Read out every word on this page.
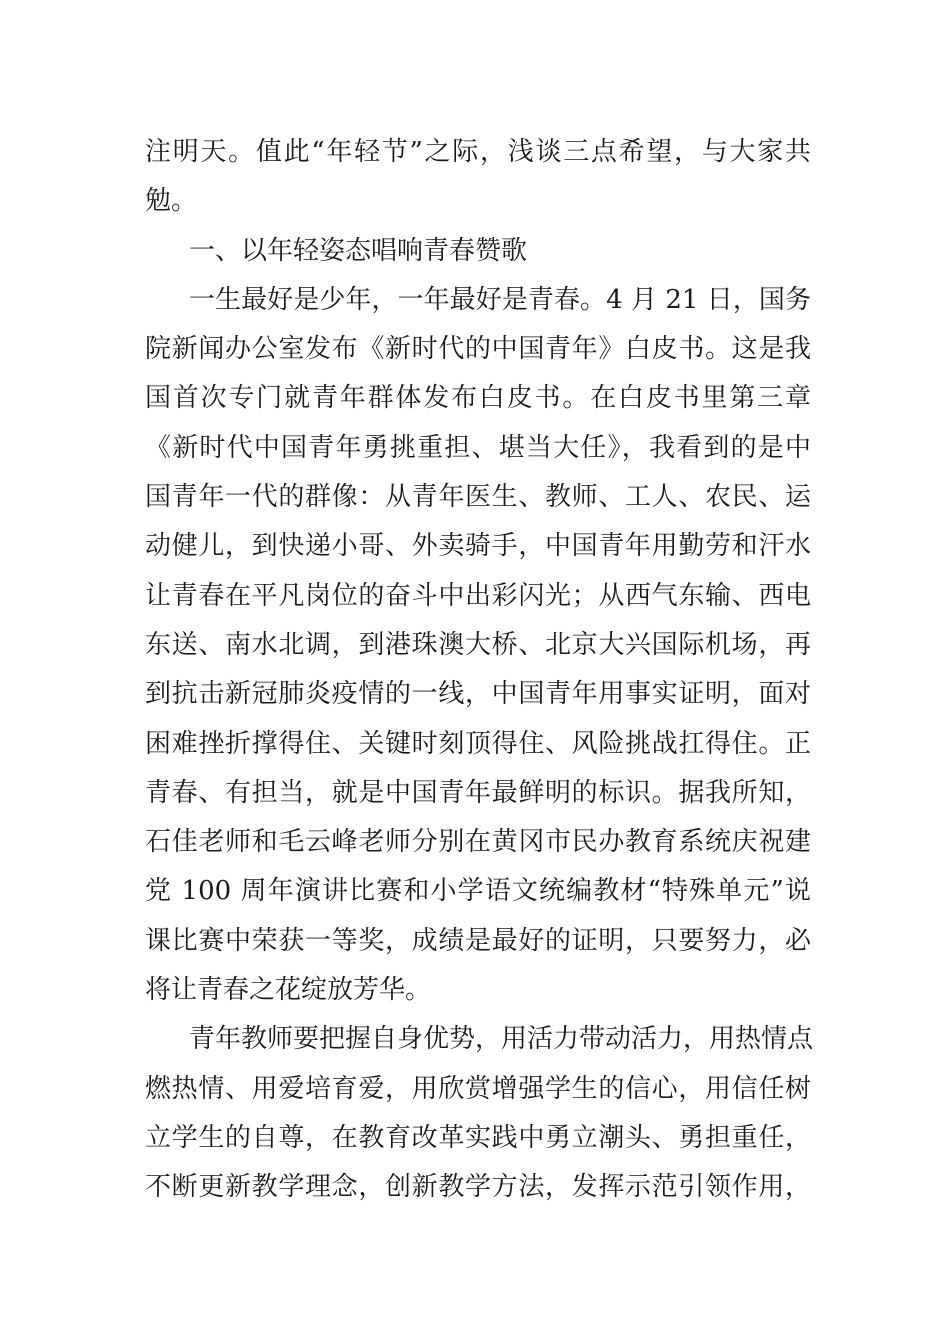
注明天。值此“年轻节”之际，浅谈三点希望，与大家共
勉。
一、以年轻姿态唱响青春赞歌
一生最好是少年，一年最好是青春。4 月 21 日，国务
院新闻办公室发布《新时代的中国青年》白皮书。这是我
国首次专门就青年群体发布白皮书。在白皮书里第三章
《新时代中国青年勇挑重担、堪当大任》，我看到的是中
国青年一代的群像：从青年医生、教师、工人、农民、运
动健儿，到快递小哥、外卖骑手，中国青年用勤劳和汗水
让青春在平凡岗位的奋斗中出彩闪光；从西气东输、西电
东送、南水北调，到港珠澳大桥、北京大兴国际机场，再
到抗击新冠肺炎疫情的一线，中国青年用事实证明，面对
困难挫折撑得住、关键时刻顶得住、风险挑战扛得住。正
青春、有担当，就是中国青年最鲜明的标识。据我所知，
石佳老师和毛云峰老师分别在黄冈市民办教育系统庆祝建
党 100 周年演讲比赛和小学语文统编教材“特殊单元”说
课比赛中荣获一等奖，成绩是最好的证明，只要努力，必
将让青春之花绽放芳华。
青年教师要把握自身优势，用活力带动活力，用热情点
燃热情、用爱培育爱，用欣赏增强学生的信心，用信任树
立学生的自尊，在教育改革实践中勇立潮头、勇担重任，
不断更新教学理念，创新教学方法，发挥示范引领作用，
